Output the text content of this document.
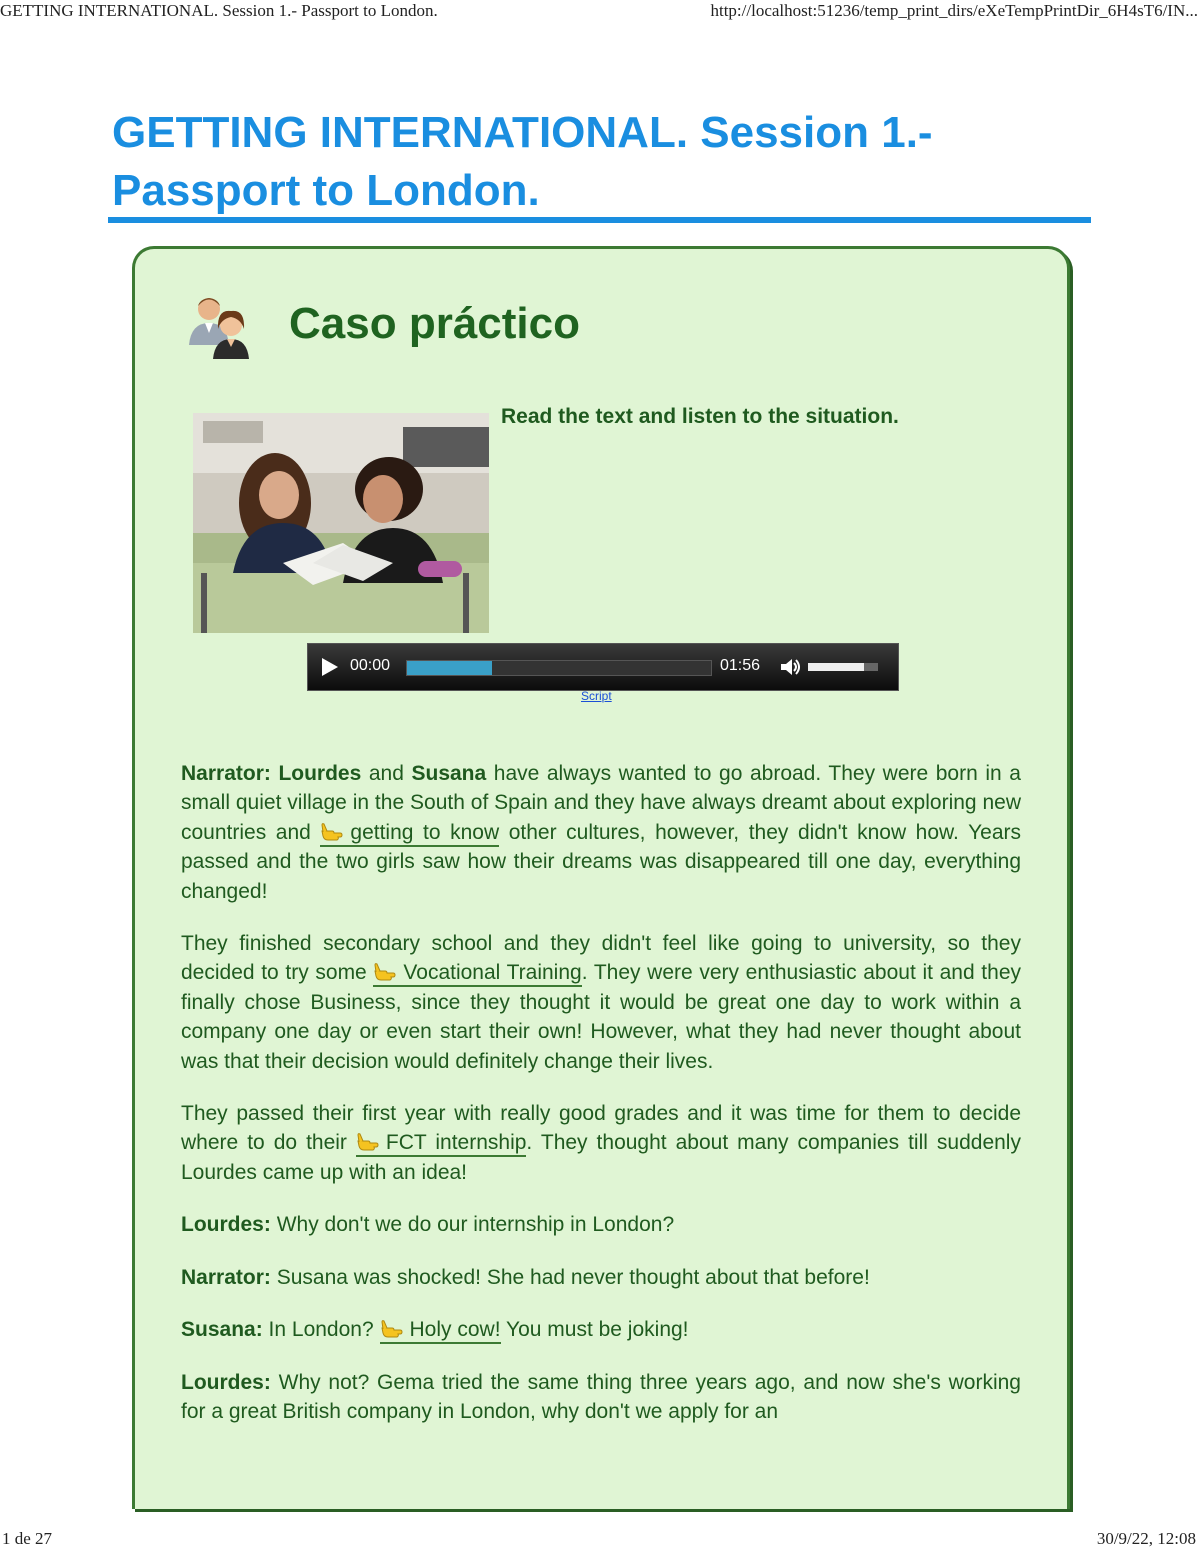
GETTING INTERNATIONAL. Session 1.- Passport to London.	http://localhost:51236/temp_print_dirs/eXeTempPrintDir_6H4sT6/IN...
GETTING INTERNATIONAL. Session 1.-
Passport to London.
Caso práctico
Read the text and listen to the situation.
00:00	01:56
Script

Narrator: Lourdes and Susana have always wanted to go abroad. They were born in a small quiet village in the South of Spain and they have always dreamt about exploring new countries and getting to know other cultures, however, they didn't know how. Years passed and the two girls saw how their dreams was disappeared till one day, everything changed!

They finished secondary school and they didn't feel like going to university, so they decided to try some Vocational Training. They were very enthusiastic about it and they finally chose Business, since they thought it would be great one day to work within a company one day or even start their own! However, what they had never thought about was that their decision would definitely change their lives.

They passed their first year with really good grades and it was time for them to decide where to do their FCT internship. They thought about many companies till suddenly Lourdes came up with an idea!

Lourdes: Why don't we do our internship in London?

Narrator: Susana was shocked! She had never thought about that before!

Susana: In London? Holy cow! You must be joking!

Lourdes: Why not? Gema tried the same thing three years ago, and now she's working for a great British company in London, why don't we apply for an

1 de 27	30/9/22, 12:08
